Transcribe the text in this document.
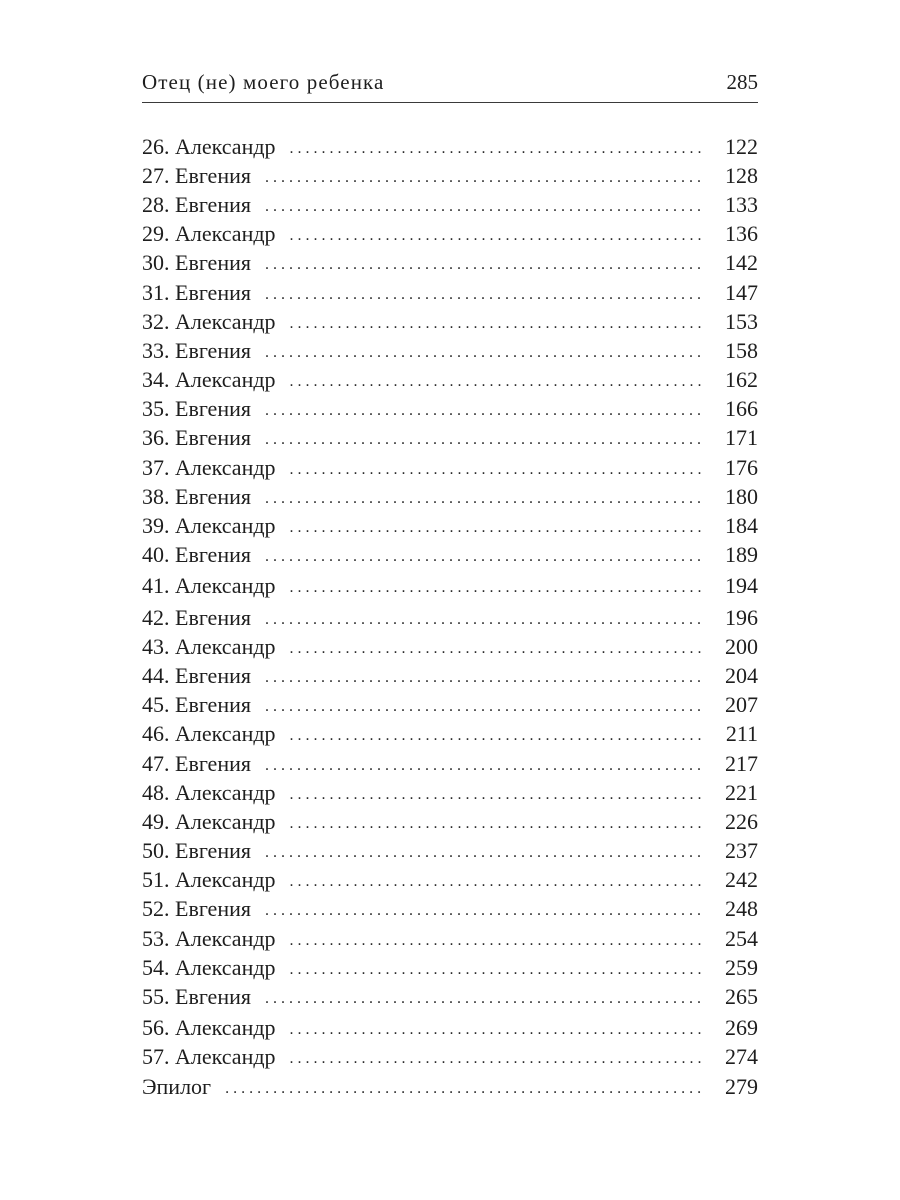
Отец (не) моего ребенка	285
26. Александр . . .	122
27. Евгения . . .	128
28. Евгения . . .	133
29. Александр . . .	136
30. Евгения . . .	142
31. Евгения . . .	147
32. Александр . . .	153
33. Евгения . . .	158
34. Александр . . .	162
35. Евгения . . .	166
36. Евгения . . .	171
37. Александр . . .	176
38. Евгения . . .	180
39. Александр . . .	184
40. Евгения . . .	189
41. Александр . . .	194
42. Евгения . . .	196
43. Александр . . .	200
44. Евгения . . .	204
45. Евгения . . .	207
46. Александр . . .	211
47. Евгения . . .	217
48. Александр . . .	221
49. Александр . . .	226
50. Евгения . . .	237
51. Александр . . .	242
52. Евгения . . .	248
53. Александр . . .	254
54. Александр . . .	259
55. Евгения . . .	265
56. Александр . . .	269
57. Александр . . .	274
Эпилог . . .	279
